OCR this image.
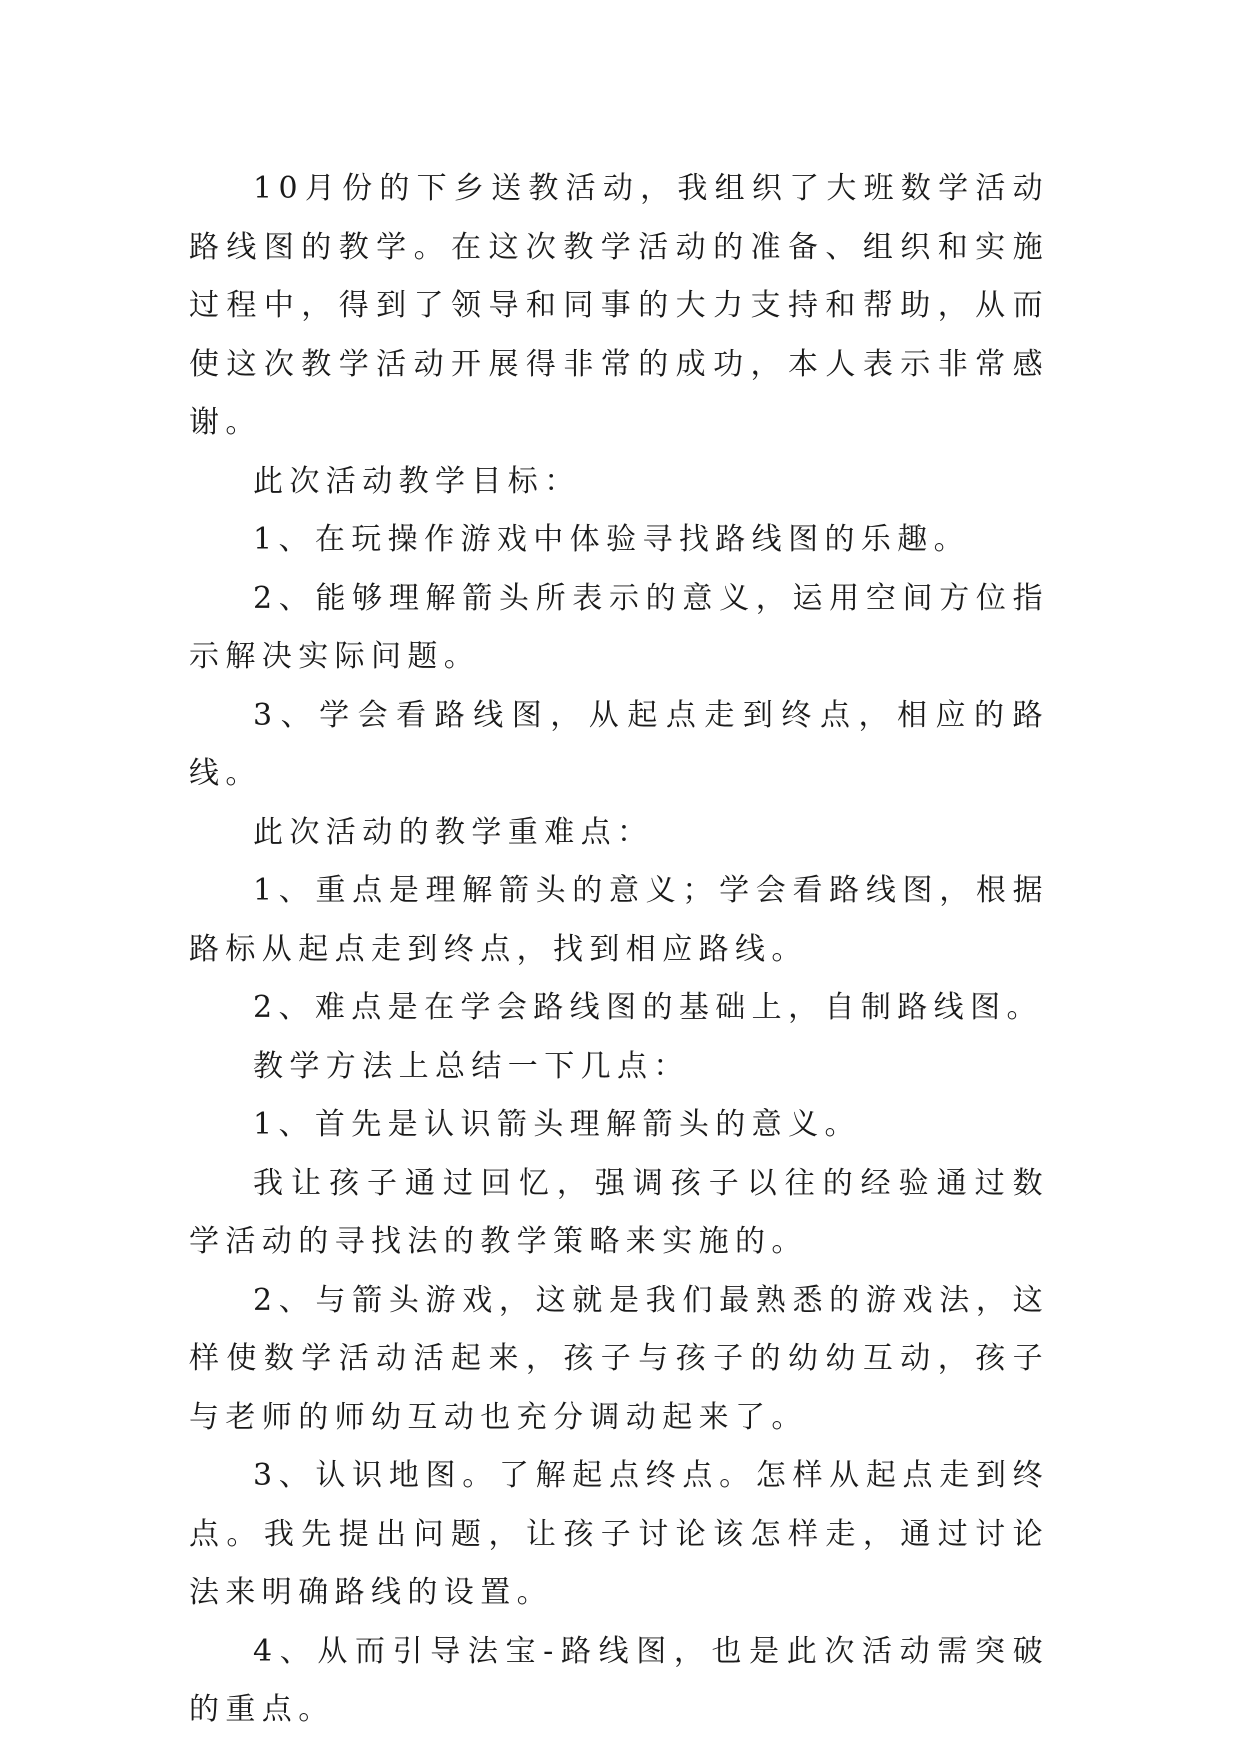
10月份的下乡送教活动，我组织了大班数学活动路线图的教学。在这次教学活动的准备、组织和实施过程中，得到了领导和同事的大力支持和帮助，从而使这次教学活动开展得非常的成功，本人表示非常感谢。

此次活动教学目标：

1、在玩操作游戏中体验寻找路线图的乐趣。

2、能够理解箭头所表示的意义，运用空间方位指示解决实际问题。

3、学会看路线图，从起点走到终点，相应的路线。

此次活动的教学重难点：

1、重点是理解箭头的意义；学会看路线图，根据路标从起点走到终点，找到相应路线。

2、难点是在学会路线图的基础上，自制路线图。

教学方法上总结一下几点：

1、首先是认识箭头理解箭头的意义。

我让孩子通过回忆，强调孩子以往的经验通过数学活动的寻找法的教学策略来实施的。

2、与箭头游戏，这就是我们最熟悉的游戏法，这样使数学活动活起来，孩子与孩子的幼幼互动，孩子与老师的师幼互动也充分调动起来了。

3、认识地图。了解起点终点。怎样从起点走到终点。我先提出问题，让孩子讨论该怎样走，通过讨论法来明确路线的设置。

4、从而引导法宝-路线图，也是此次活动需突破的重点。
